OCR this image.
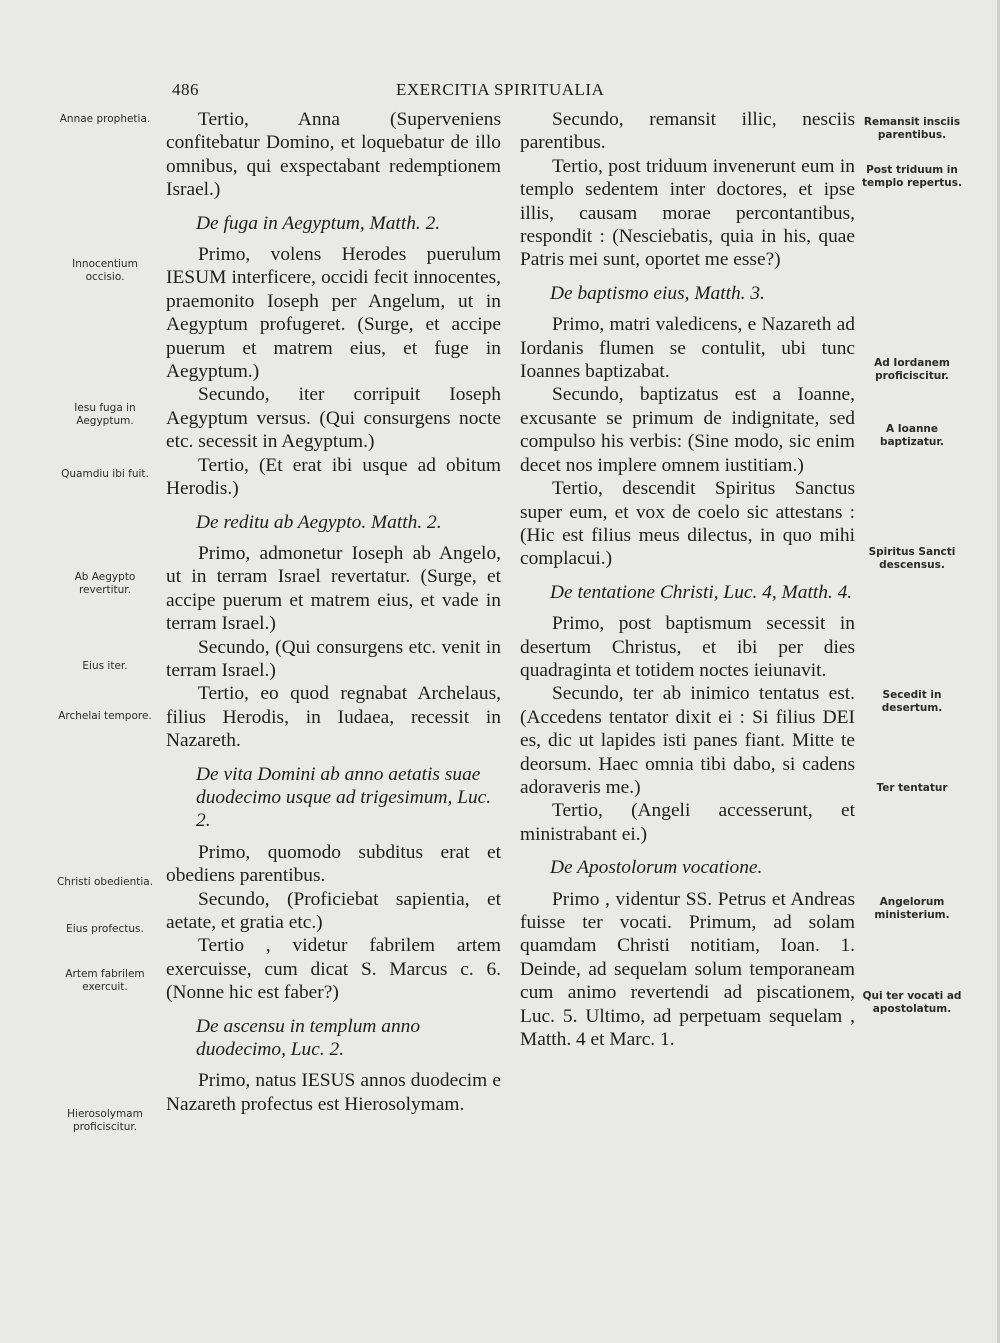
486	EXERCITIA SPIRITUALIA
Annae prophetia.
Innocentium occisio.
Iesu fuga in Aegyptum.
Quamdiu ibi fuit.
Ab Aegypto revertitur.
Eius iter.
Archelai tempore.
Christi obedientia.
Eius profectus.
Artem fabrilem exercuit.
Hierosolymam proficiscitur.
Remansit insciis parentibus.
Post triduum in templo repertus.
Ad Iordanem proficiscitur.
A Ioanne baptizatur.
Spiritus Sancti descensus.
Secedit in desertum.
Ter tentatur
Angelorum ministerium.
Qui ter vocati ad apostolatum.

Tertio, Anna (Superveniens confitebatur Domino, et loquebatur de illo omnibus, qui exspectabant redemptionem Israel.)

De fuga in Aegyptum, Matth. 2.

Primo, volens Herodes puerulum IESUM interficere, occidi fecit innocentes, praemonito Ioseph per Angelum, ut in Aegyptum profugeret. (Surge, et accipe puerum et matrem eius, et fuge in Aegyptum.)

Secundo, iter corripuit Ioseph Aegyptum versus. (Qui consurgens nocte etc. secessit in Aegyptum.)

Tertio, (Et erat ibi usque ad obitum Herodis.)

De reditu ab Aegypto. Matth. 2.

Primo, admonetur Ioseph ab Angelo, ut in terram Israel revertatur. (Surge, et accipe puerum et matrem eius, et vade in terram Israel.)

Secundo, (Qui consurgens etc. venit in terram Israel.)

Tertio, eo quod regnabat Archelaus, filius Herodis, in Iudaea, recessit in Nazareth.

De vita Domini ab anno aetatis suae duodecimo usque ad trigesimum, Luc. 2.

Primo, quomodo subditus erat et obediens parentibus.

Secundo, (Proficiebat sapientia, et aetate, et gratia etc.)

Tertio , videtur fabrilem artem exercuisse, cum dicat S. Marcus c. 6. (Nonne hic est faber?)

De ascensu in templum anno duodecimo, Luc. 2.

Primo, natus IESUS annos duodecim e Nazareth profectus est Hierosolymam.

Secundo, remansit illic, nesciis parentibus.

Tertio, post triduum invenerunt eum in templo sedentem inter doctores, et ipse illis, causam morae percontantibus, respondit : (Nesciebatis, quia in his, quae Patris mei sunt, oportet me esse?)

De baptismo eius, Matth. 3.

Primo, matri valedicens, e Nazareth ad Iordanis flumen se contulit, ubi tunc Ioannes baptizabat.

Secundo, baptizatus est a Ioanne, excusante se primum de indignitate, sed compulso his verbis: (Sine modo, sic enim decet nos implere omnem iustitiam.)

Tertio, descendit Spiritus Sanctus super eum, et vox de coelo sic attestans : (Hic est filius meus dilectus, in quo mihi complacui.)

De tentatione Christi, Luc. 4, Matth. 4.

Primo, post baptismum secessit in desertum Christus, et ibi per dies quadraginta et totidem noctes ieiunavit.

Secundo, ter ab inimico tentatus est. (Accedens tentator dixit ei : Si filius DEI es, dic ut lapides isti panes fiant. Mitte te deorsum. Haec omnia tibi dabo, si cadens adoraveris me.)

Tertio, (Angeli accesserunt, et ministrabant ei.)

De Apostolorum vocatione.

Primo , videntur SS. Petrus et Andreas fuisse ter vocati. Primum, ad solam quamdam Christi notitiam, Ioan. 1. Deinde, ad sequelam solum temporaneam cum animo revertendi ad piscationem, Luc. 5. Ultimo, ad perpetuam sequelam , Matth. 4 et Marc. 1.
